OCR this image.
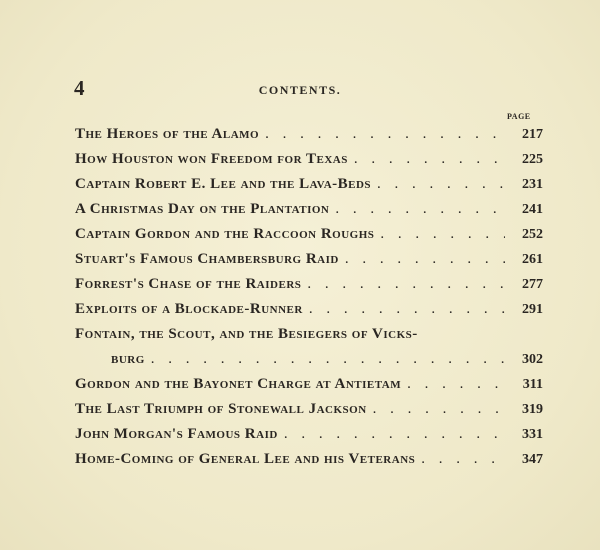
4	CONTENTS.
PAGE
The Heroes of the Alamo . . .	217
How Houston won Freedom for Texas . . .	225
Captain Robert E. Lee and the Lava-Beds . . .	231
A Christmas Day on the Plantation . . .	241
Captain Gordon and the Raccoon Roughs . . .	252
Stuart's Famous Chambersburg Raid . . .	261
Forrest's Chase of the Raiders . . .	277
Exploits of a Blockade-Runner . . .	291
Fontain, the Scout, and the Besiegers of Vicks-
burg . . .	302
Gordon and the Bayonet Charge at Antietam . . .	311
The Last Triumph of Stonewall Jackson . . .	319
John Morgan's Famous Raid . . .	331
Home-Coming of General Lee and his Veterans . . .	347
